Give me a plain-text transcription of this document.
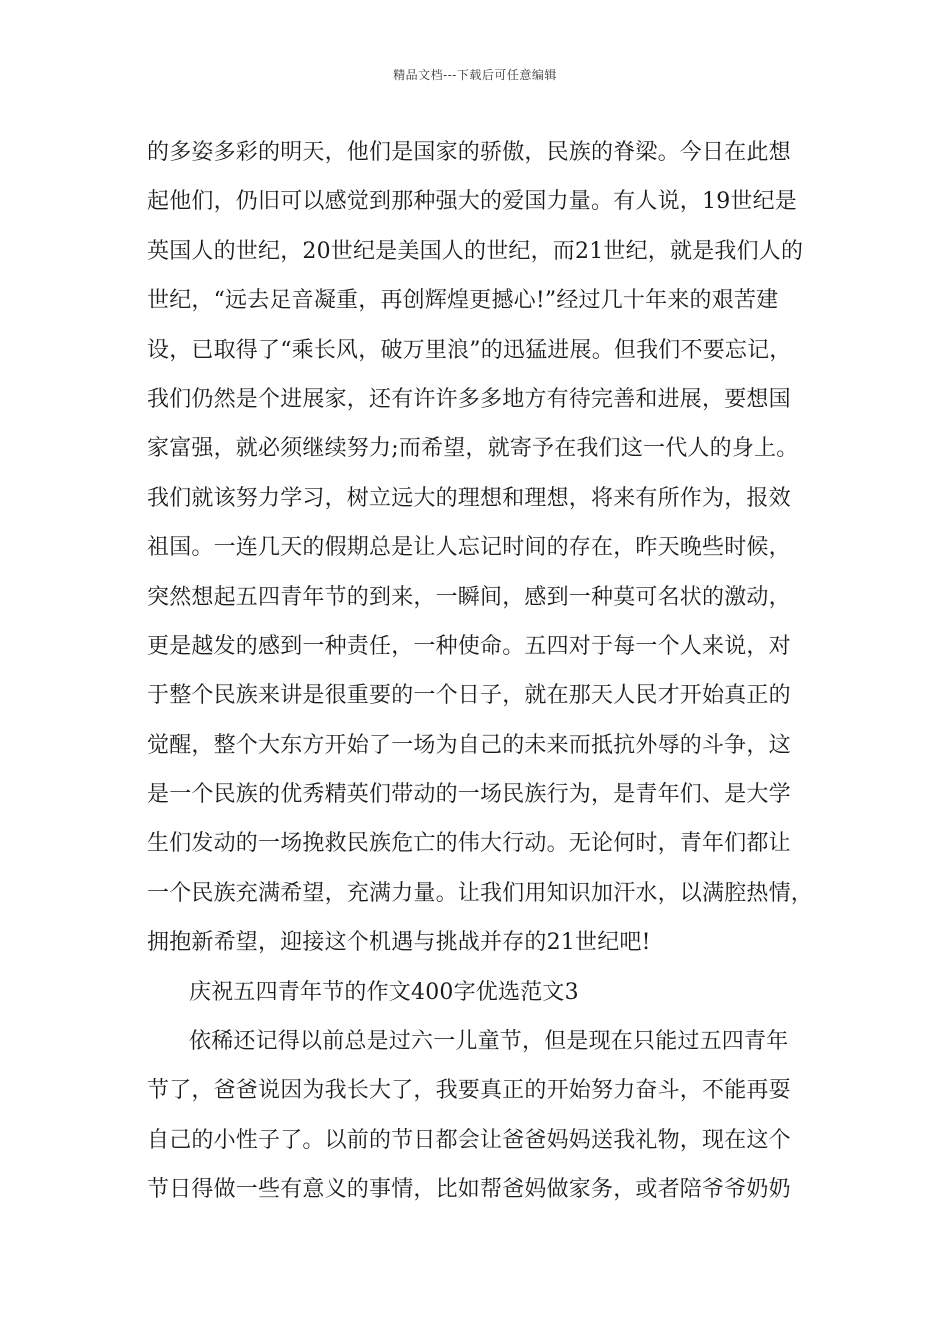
精品文档---下载后可任意编辑
的多姿多彩的明天，他们是国家的骄傲，民族的脊梁。今日在此想
起他们，仍旧可以感觉到那种强大的爱国力量。有人说，19世纪是
英国人的世纪，20世纪是美国人的世纪，而21世纪，就是我们人的
世纪，“远去足音凝重，再创辉煌更撼心!”经过几十年来的艰苦建
设，已取得了“乘长风，破万里浪”的迅猛进展。但我们不要忘记，
我们仍然是个进展家，还有许许多多地方有待完善和进展，要想国
家富强，就必须继续努力;而希望，就寄予在我们这一代人的身上。
我们就该努力学习，树立远大的理想和理想，将来有所作为，报效
祖国。一连几天的假期总是让人忘记时间的存在，昨天晚些时候，
突然想起五四青年节的到来，一瞬间，感到一种莫可名状的激动，
更是越发的感到一种责任，一种使命。五四对于每一个人来说，对
于整个民族来讲是很重要的一个日子，就在那天人民才开始真正的
觉醒，整个大东方开始了一场为自己的未来而抵抗外辱的斗争，这
是一个民族的优秀精英们带动的一场民族行为，是青年们、是大学
生们发动的一场挽救民族危亡的伟大行动。无论何时，青年们都让
一个民族充满希望，充满力量。让我们用知识加汗水，以满腔热情，
拥抱新希望，迎接这个机遇与挑战并存的21世纪吧!
庆祝五四青年节的作文400字优选范文3
依稀还记得以前总是过六一儿童节，但是现在只能过五四青年
节了，爸爸说因为我长大了，我要真正的开始努力奋斗，不能再耍
自己的小性子了。以前的节日都会让爸爸妈妈送我礼物，现在这个
节日得做一些有意义的事情，比如帮爸妈做家务，或者陪爷爷奶奶
